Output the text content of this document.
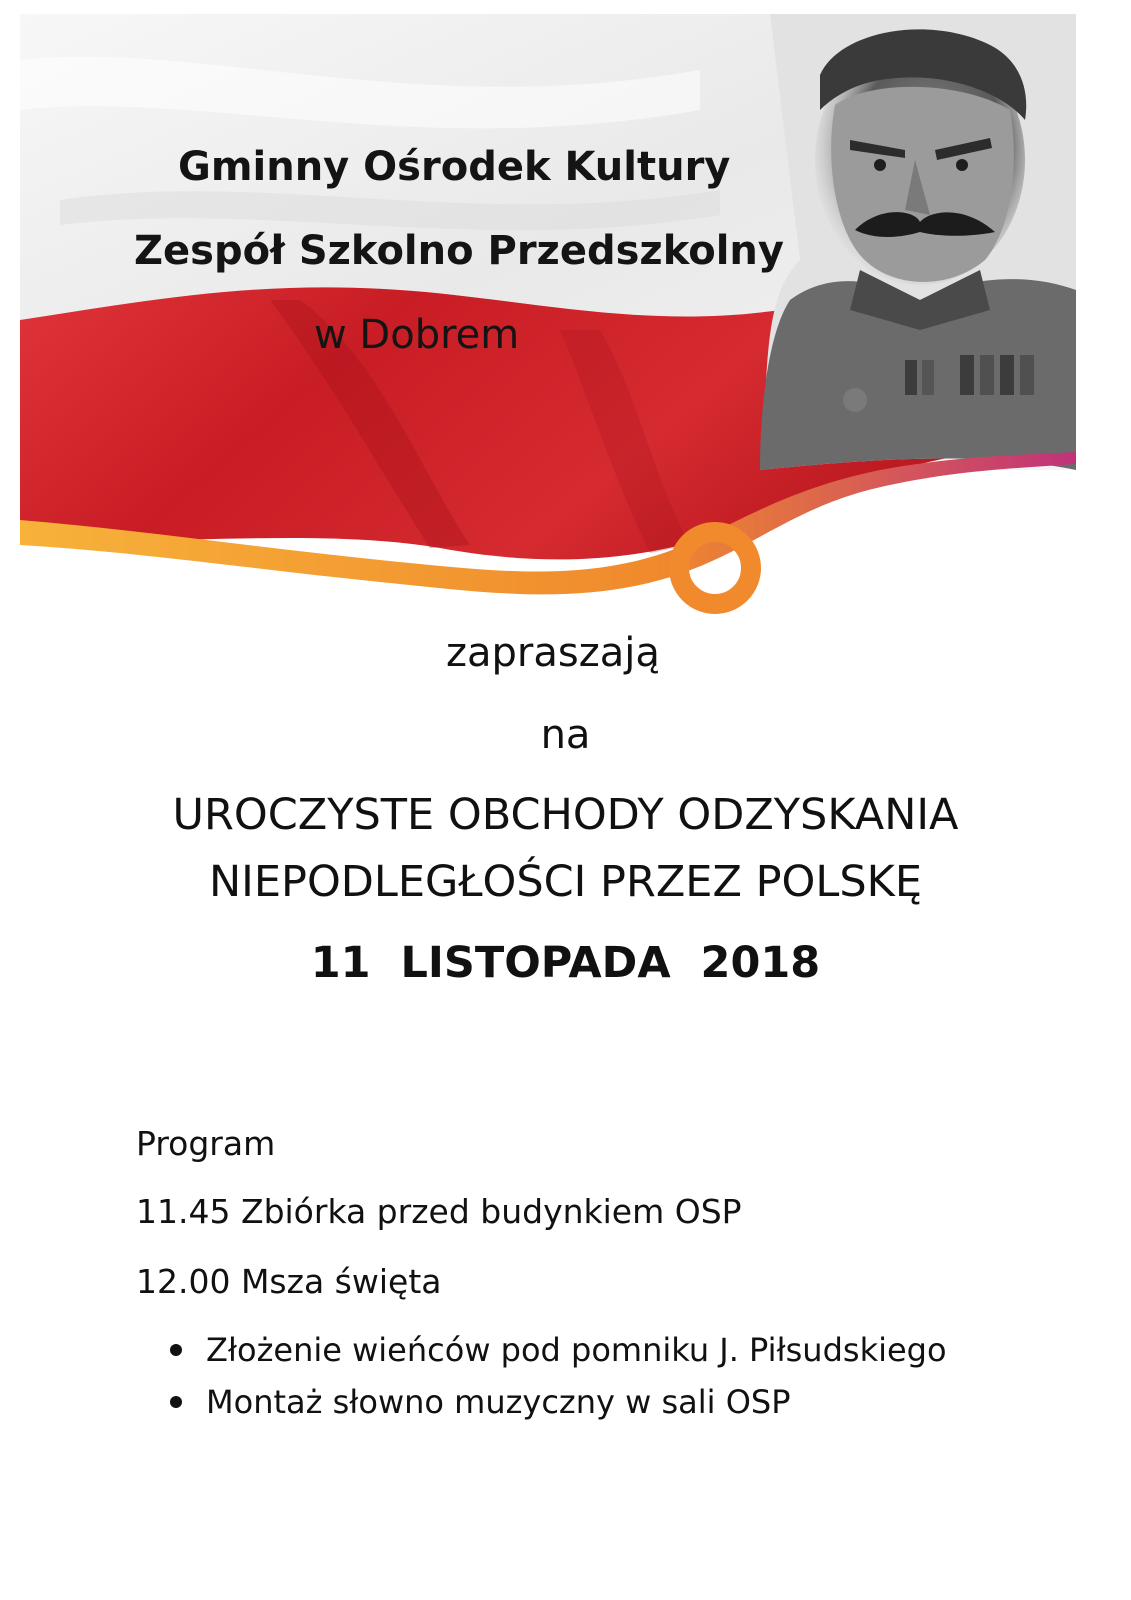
Gminny Ośrodek Kultury
Zespół Szkolno Przedszkolny
w Dobrem
zapraszają
na
UROCZYSTE OBCHODY ODZYSKANIA
NIEPODLEGŁOŚCI PRZEZ POLSKĘ
11  LISTOPADA  2018
Program
11.45 Zbiórka przed budynkiem OSP
12.00 Msza święta
Złożenie wieńców pod pomniku J. Piłsudskiego
Montaż słowno muzyczny w sali OSP
